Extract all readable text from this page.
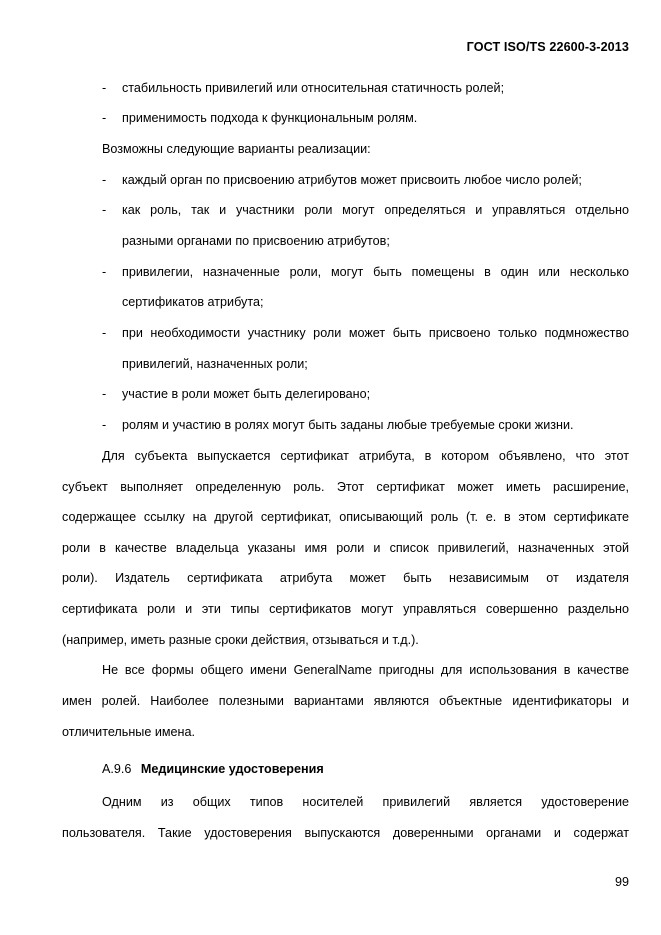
ГОСТ ISO/TS 22600-3-2013
- стабильность привилегий или относительная статичность ролей;
- применимость подхода к функциональным ролям.
Возможны следующие варианты реализации:
- каждый орган по присвоению атрибутов может присвоить любое число ролей;
- как роль, так и участники роли могут определяться и управляться отдельно
разными органами по присвоению атрибутов;
- привилегии, назначенные роли, могут быть помещены в один или несколько
сертификатов атрибута;
- при необходимости участнику роли может быть присвоено только подмножество
привилегий, назначенных роли;
- участие в роли может быть делегировано;
- ролям и участию в ролях могут быть заданы любые требуемые сроки жизни.
Для субъекта выпускается сертификат атрибута, в котором объявлено, что этот
субъект выполняет определенную роль. Этот сертификат может иметь расширение,
содержащее ссылку на другой сертификат, описывающий роль (т. е. в этом сертификате
роли в качестве владельца указаны имя роли и список привилегий, назначенных этой
роли). Издатель сертификата атрибута может быть независимым от издателя
сертификата роли и эти типы сертификатов могут управляться совершенно раздельно
(например, иметь разные сроки действия, отзываться и т.д.).
Не все формы общего имени GeneralName пригодны для использования в качестве
имен ролей. Наиболее полезными вариантами являются объектные идентификаторы и
отличительные имена.
А.9.6 Медицинские удостоверения
Одним из общих типов носителей привилегий является удостоверение
пользователя. Такие удостоверения выпускаются доверенными органами и содержат
99
